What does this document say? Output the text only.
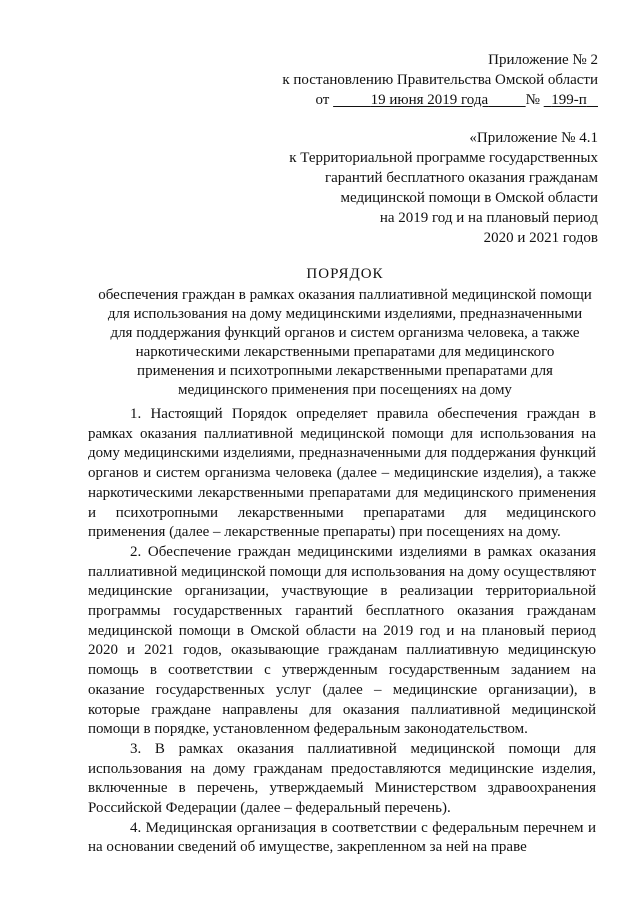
Приложение № 2
к постановлению Правительства Омской области
от	19 июня 2019 года	№ 199-п
«Приложение № 4.1
к Территориальной программе государственных
гарантий бесплатного оказания гражданам
медицинской помощи в Омской области
на 2019 год и на плановый период
2020 и 2021 годов
ПОРЯДОК
обеспечения граждан в рамках оказания паллиативной медицинской помощи
для использования на дому медицинскими изделиями, предназначенными
для поддержания функций органов и систем организма человека, а также
наркотическими лекарственными препаратами для медицинского
применения и психотропными лекарственными препаратами для
медицинского применения при посещениях на дому

1. Настоящий Порядок определяет правила обеспечения граждан в рамках оказания паллиативной медицинской помощи для использования на дому медицинскими изделиями, предназначенными для поддержания функций органов и систем организма человека (далее – медицинские изделия), а также наркотическими лекарственными препаратами для медицинского применения и психотропными лекарственными препаратами для медицинского применения (далее – лекарственные препараты) при посещениях на дому.

2. Обеспечение граждан медицинскими изделиями в рамках оказания паллиативной медицинской помощи для использования на дому осуществляют медицинские организации, участвующие в реализации территориальной программы государственных гарантий бесплатного оказания гражданам медицинской помощи в Омской области на 2019 год и на плановый период 2020 и 2021 годов, оказывающие гражданам паллиативную медицинскую помощь в соответствии с утвержденным государственным заданием на оказание государственных услуг (далее – медицинские организации), в которые граждане направлены для оказания паллиативной медицинской помощи в порядке, установленном федеральным законодательством.

3. В рамках оказания паллиативной медицинской помощи для использования на дому гражданам предоставляются медицинские изделия, включенные в перечень, утверждаемый Министерством здравоохранения Российской Федерации (далее – федеральный перечень).

4. Медицинская организация в соответствии с федеральным перечнем и на основании сведений об имуществе, закрепленном за ней на праве
